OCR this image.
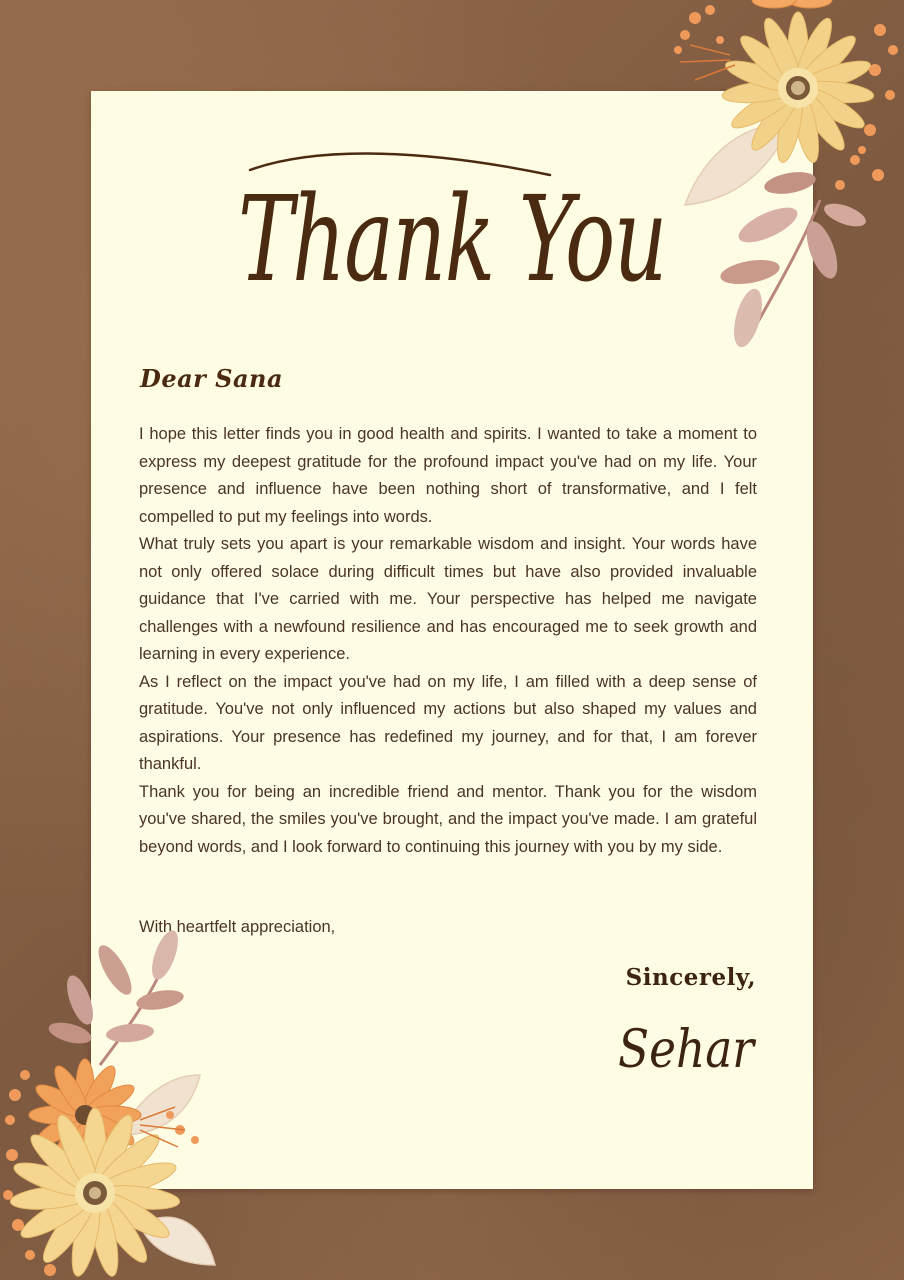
Thank You
Dear Sana

I hope this letter finds you in good health and spirits. I wanted to take a moment to express my deepest gratitude for the profound impact you've had on my life. Your presence and influence have been nothing short of transformative, and I felt compelled to put my feelings into words.

What truly sets you apart is your remarkable wisdom and insight. Your words have not only offered solace during difficult times but have also provided invaluable guidance that I've carried with me. Your perspective has helped me navigate challenges with a newfound resilience and has encouraged me to seek growth and learning in every experience.

As I reflect on the impact you've had on my life, I am filled with a deep sense of gratitude. You've not only influenced my actions but also shaped my values and aspirations. Your presence has redefined my journey, and for that, I am forever thankful.

Thank you for being an incredible friend and mentor. Thank you for the wisdom you've shared, the smiles you've brought, and the impact you've made. I am grateful beyond words, and I look forward to continuing this journey with you by my side.

With heartfelt appreciation,
Sincerely,
Sehar
